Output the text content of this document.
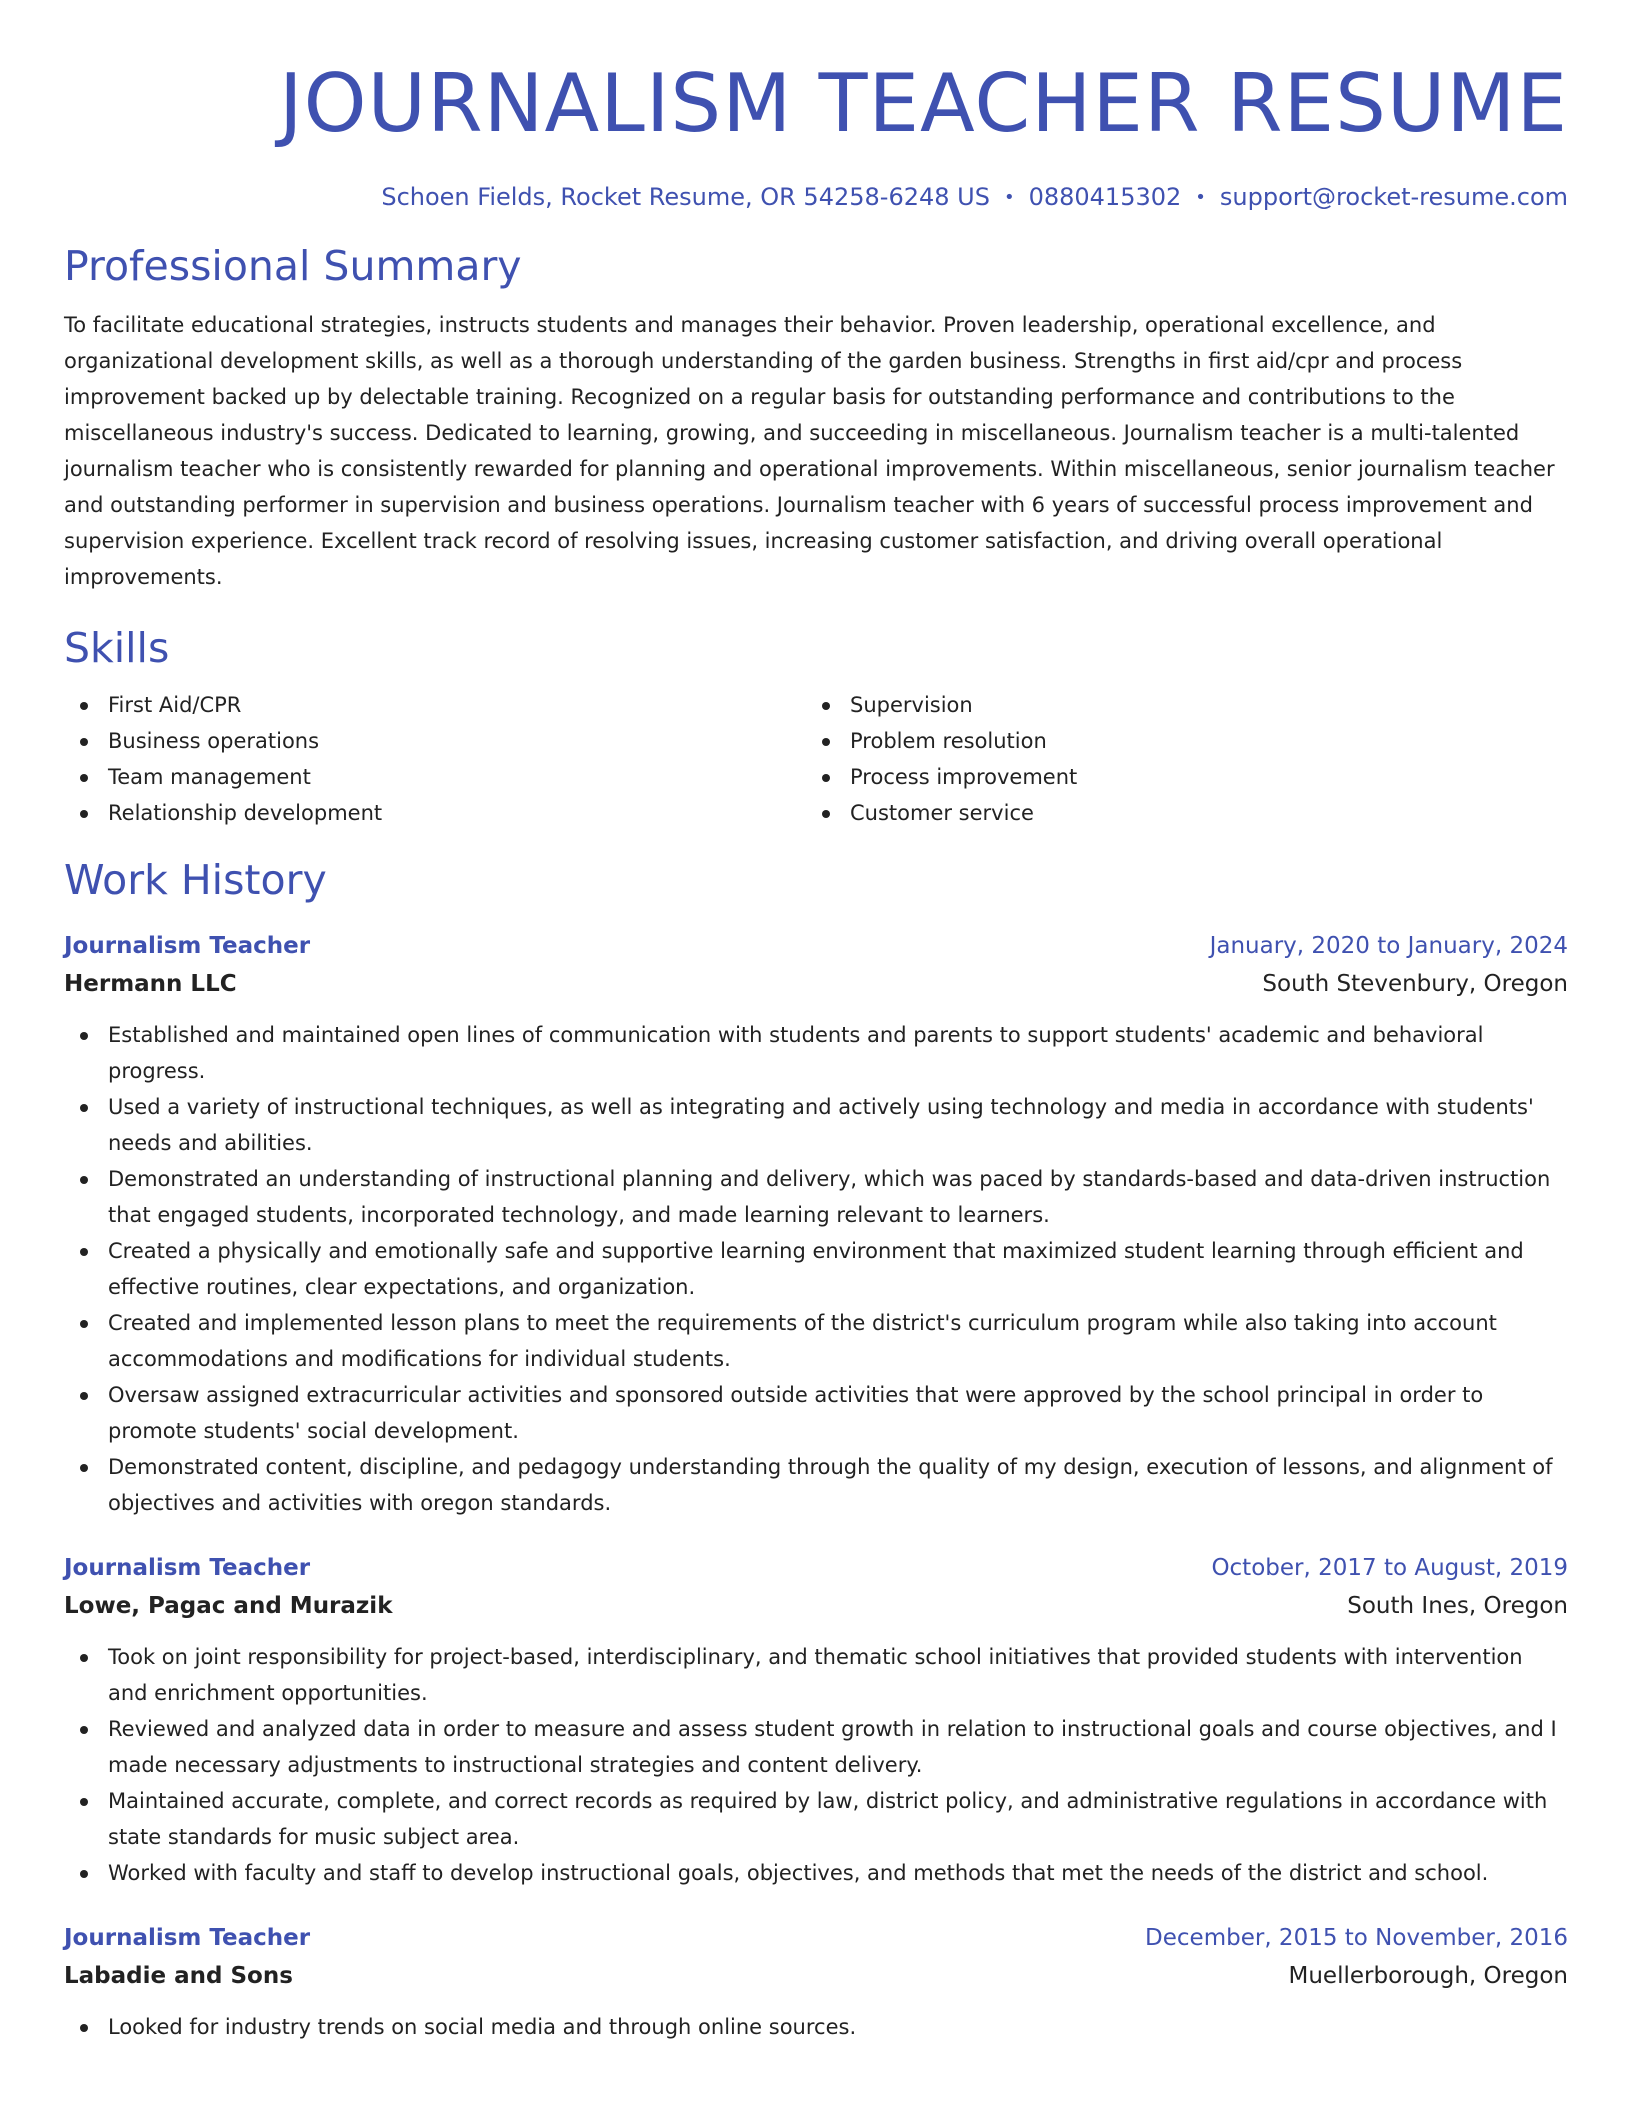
JOURNALISM TEACHER RESUME
Schoen Fields, Rocket Resume, OR 54258-6248 US • 0880415302 • support@rocket-resume.com
Professional Summary

To facilitate educational strategies, instructs students and manages their behavior. Proven leadership, operational excellence, and organizational development skills, as well as a thorough understanding of the garden business. Strengths in first aid/cpr and process improvement backed up by delectable training. Recognized on a regular basis for outstanding performance and contributions to the miscellaneous industry's success. Dedicated to learning, growing, and succeeding in miscellaneous. Journalism teacher is a multi-talented journalism teacher who is consistently rewarded for planning and operational improvements. Within miscellaneous, senior journalism teacher and outstanding performer in supervision and business operations. Journalism teacher with 6 years of successful process improvement and supervision experience. Excellent track record of resolving issues, increasing customer satisfaction, and driving overall operational improvements.

Skills
First Aid/CPR
Business operations
Team management
Relationship development
Supervision
Problem resolution
Process improvement
Customer service
Work History
Journalism Teacher	January, 2020 to January, 2024
Hermann LLC	South Stevenbury, Oregon
Established and maintained open lines of communication with students and parents to support students' academic and behavioral progress.
Used a variety of instructional techniques, as well as integrating and actively using technology and media in accordance with students' needs and abilities.
Demonstrated an understanding of instructional planning and delivery, which was paced by standards-based and data-driven instruction that engaged students, incorporated technology, and made learning relevant to learners.
Created a physically and emotionally safe and supportive learning environment that maximized student learning through efficient and effective routines, clear expectations, and organization.
Created and implemented lesson plans to meet the requirements of the district's curriculum program while also taking into account accommodations and modifications for individual students.
Oversaw assigned extracurricular activities and sponsored outside activities that were approved by the school principal in order to promote students' social development.
Demonstrated content, discipline, and pedagogy understanding through the quality of my design, execution of lessons, and alignment of objectives and activities with oregon standards.
Journalism Teacher	October, 2017 to August, 2019
Lowe, Pagac and Murazik	South Ines, Oregon
Took on joint responsibility for project-based, interdisciplinary, and thematic school initiatives that provided students with intervention and enrichment opportunities.
Reviewed and analyzed data in order to measure and assess student growth in relation to instructional goals and course objectives, and I made necessary adjustments to instructional strategies and content delivery.
Maintained accurate, complete, and correct records as required by law, district policy, and administrative regulations in accordance with state standards for music subject area.
Worked with faculty and staff to develop instructional goals, objectives, and methods that met the needs of the district and school.
Journalism Teacher	December, 2015 to November, 2016
Labadie and Sons	Muellerborough, Oregon
Looked for industry trends on social media and through online sources.
